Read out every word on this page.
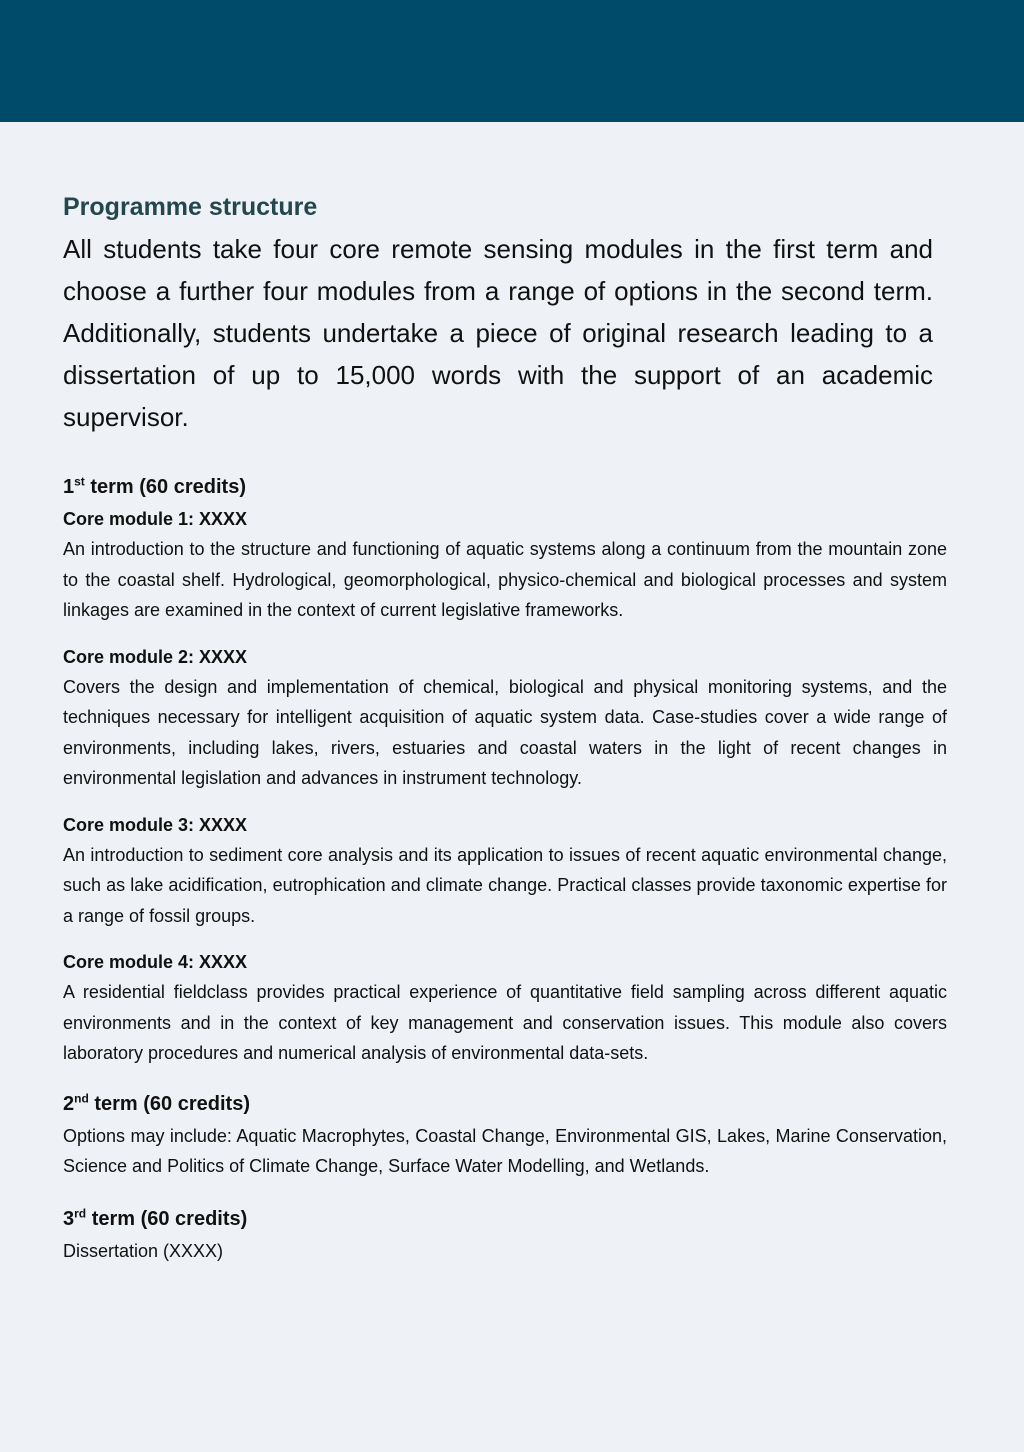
Programme structure

All students take four core remote sensing modules in the first term and choose a further four modules from a range of options in the second term. Additionally, students undertake a piece of original research leading to a dissertation of up to 15,000 words with the support of an academic supervisor.

1st term (60 credits)
Core module 1: XXXX

An introduction to the structure and functioning of aquatic systems along a continuum from the mountain zone to the coastal shelf. Hydrological, geomorphological, physico-chemical and biological processes and system linkages are examined in the context of current legislative frameworks.

Core module 2: XXXX

Covers the design and implementation of chemical, biological and physical monitoring systems, and the techniques necessary for intelligent acquisition of aquatic system data. Case-studies cover a wide range of environments, including lakes, rivers, estuaries and coastal waters in the light of recent changes in environmental legislation and advances in instrument technology.

Core module 3: XXXX

An introduction to sediment core analysis and its application to issues of recent aquatic environmental change, such as lake acidification, eutrophication and climate change. Practical classes provide taxonomic expertise for a range of fossil groups.

Core module 4: XXXX

A residential fieldclass provides practical experience of quantitative field sampling across different aquatic environments and in the context of key management and conservation issues. This module also covers laboratory procedures and numerical analysis of environmental data-sets.

2nd term (60 credits)

Options may include: Aquatic Macrophytes, Coastal Change, Environmental GIS, Lakes, Marine Conservation, Science and Politics of Climate Change, Surface Water Modelling, and Wetlands.

3rd term (60 credits)

Dissertation (XXXX)
